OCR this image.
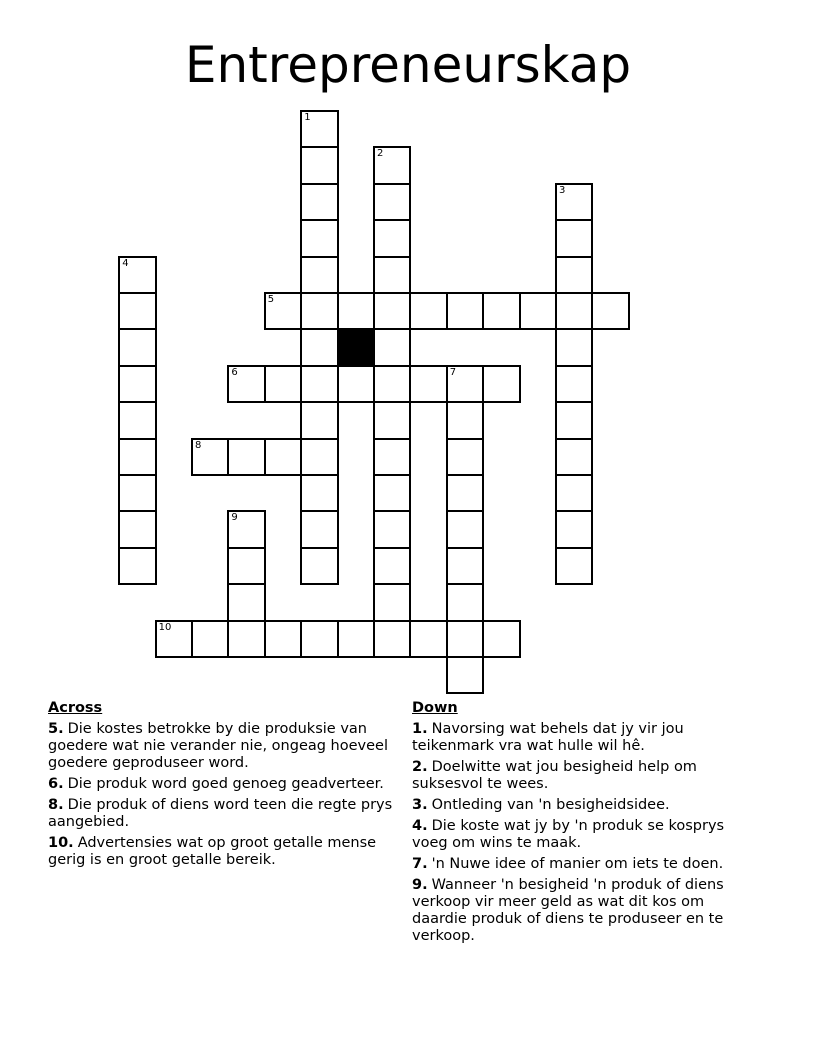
Entrepreneurskap
5
6	7
8
10
1
2
3
4
9
Across
5. Die kostes betrokke by die produksie van goedere wat nie verander nie, ongeag hoeveel goedere geproduseer word.
6. Die produk word goed genoeg geadverteer.
8. Die produk of diens word teen die regte prys aangebied.
10. Advertensies wat op groot getalle mense gerig is en groot getalle bereik.
Down
1. Navorsing wat behels dat jy vir jou teikenmark vra wat hulle wil hê.
2. Doelwitte wat jou besigheid help om suksesvol te wees.
3. Ontleding van 'n besigheidsidee.
4. Die koste wat jy by 'n produk se kosprys voeg om wins te maak.
7. 'n Nuwe idee of manier om iets te doen.
9. Wanneer 'n besigheid 'n produk of diens verkoop vir meer geld as wat dit kos om daardie produk of diens te produseer en te verkoop.
